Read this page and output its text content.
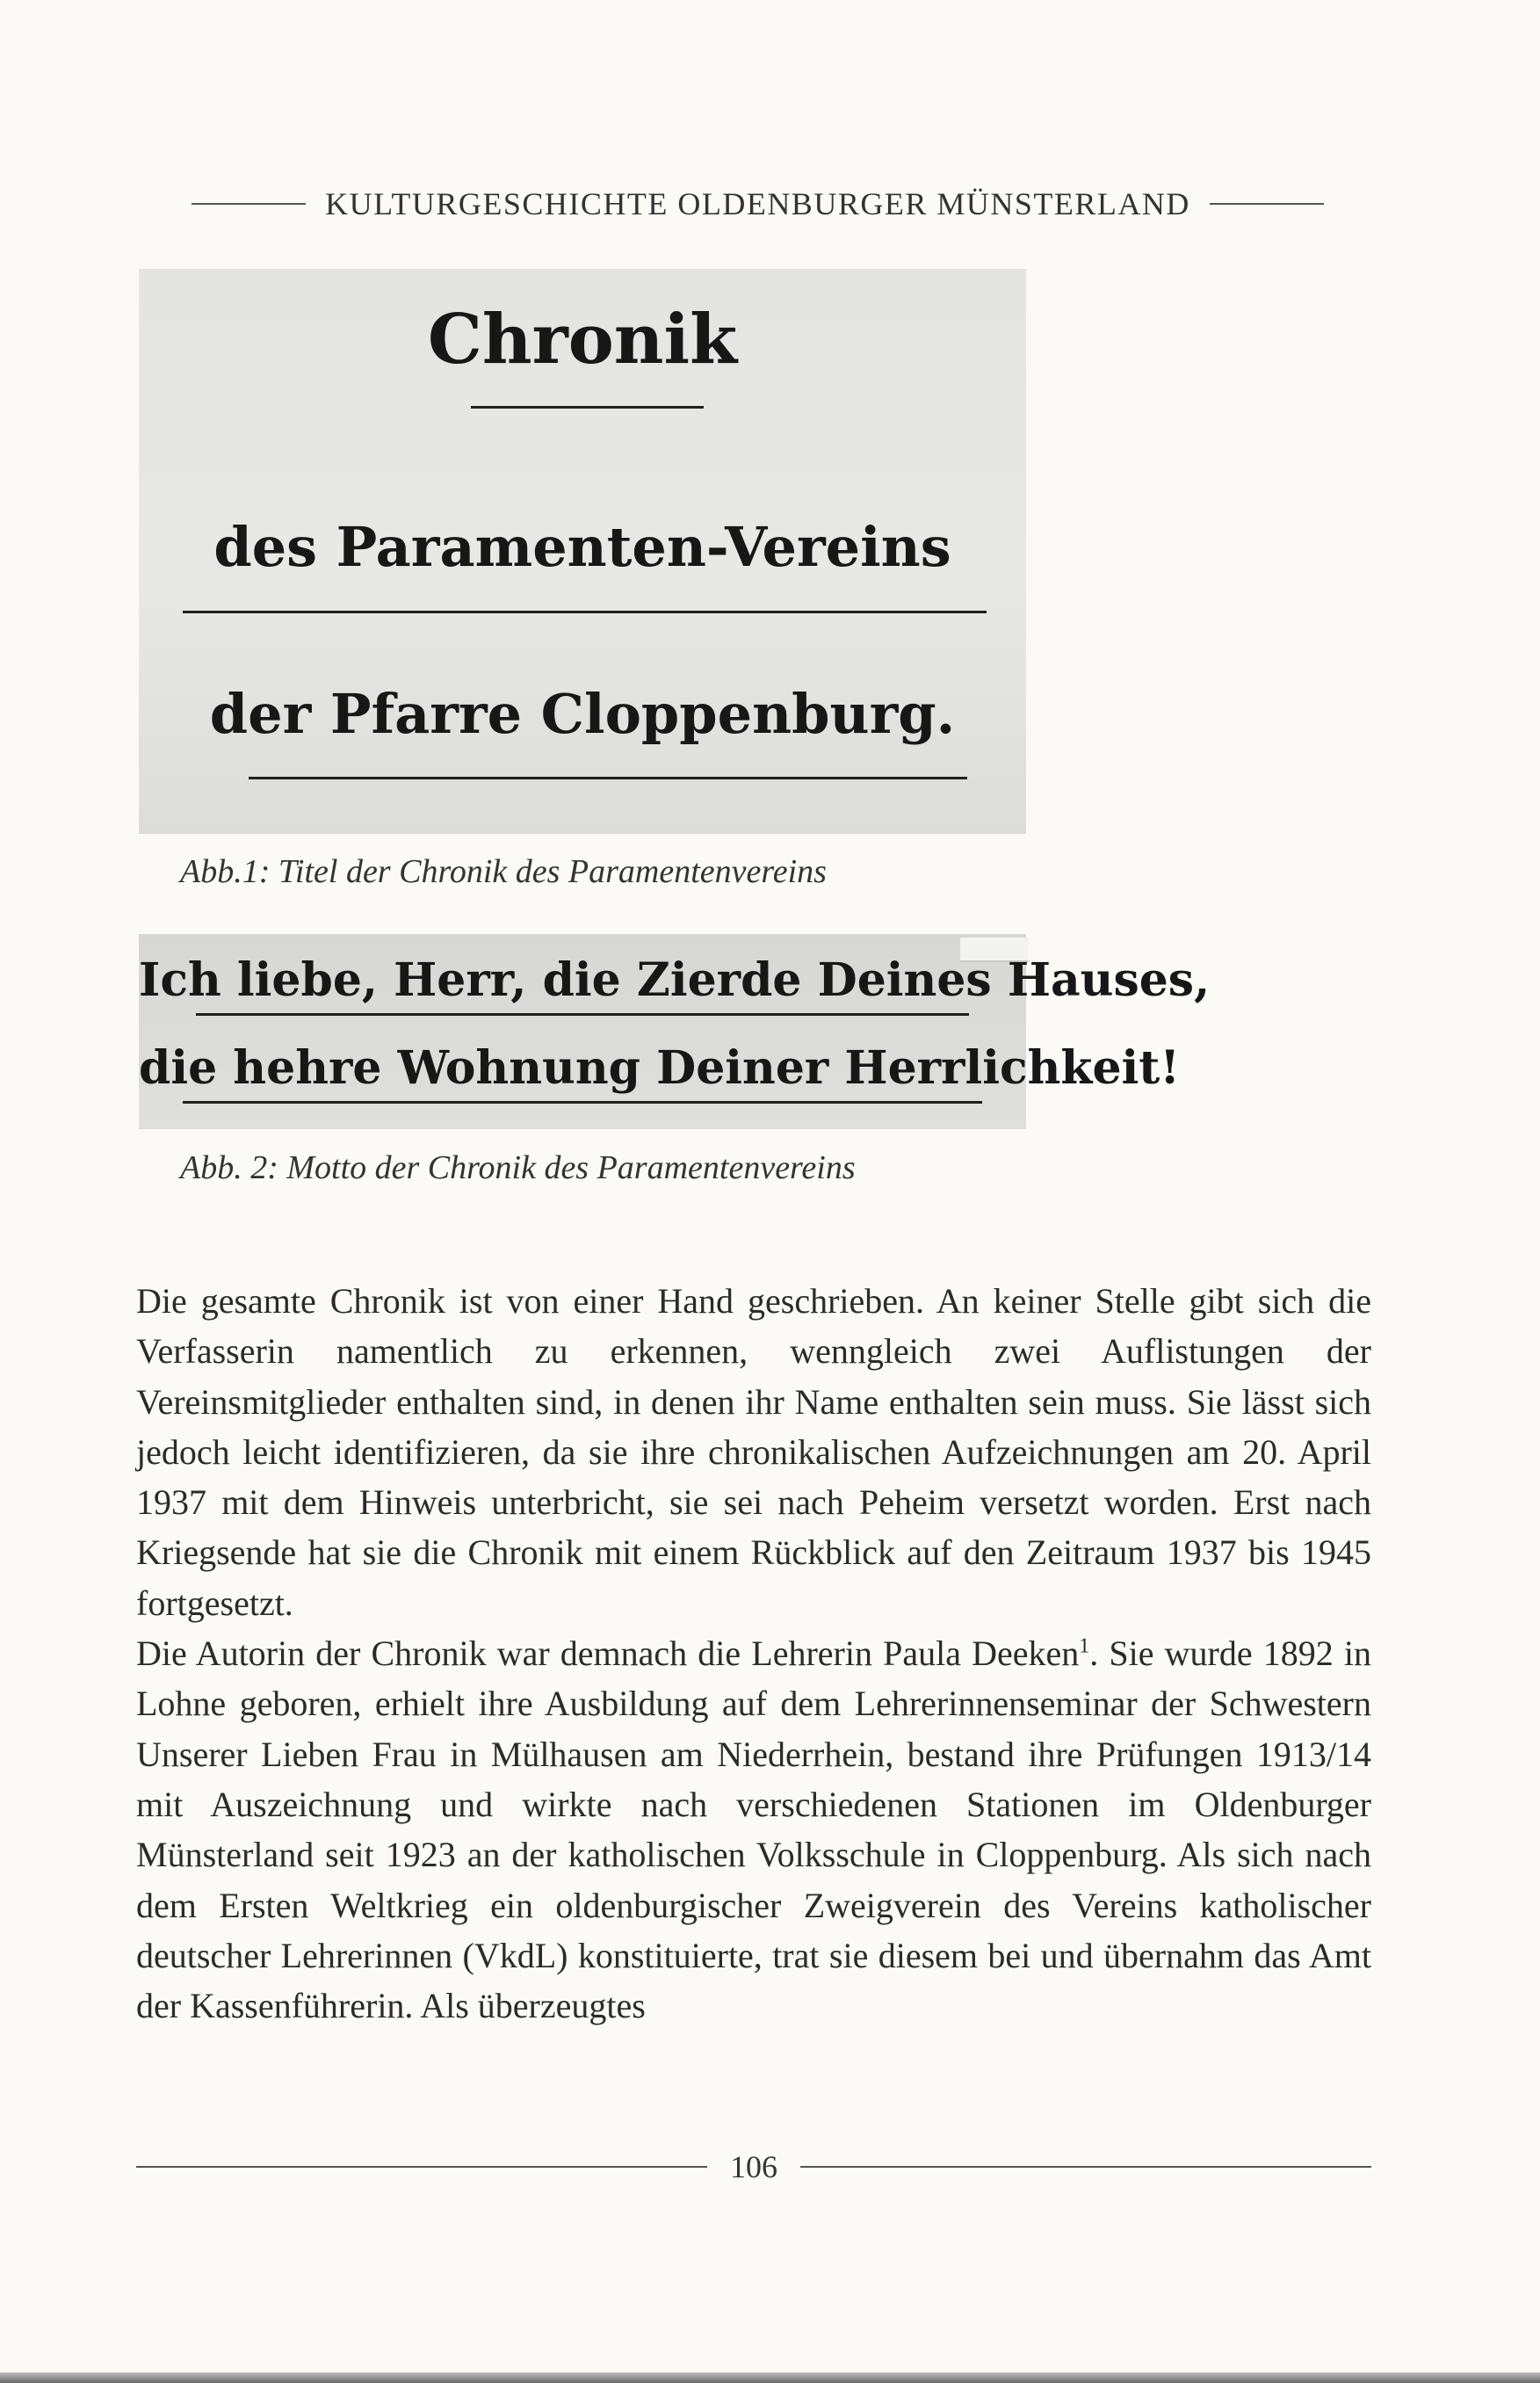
KULTURGESCHICHTE OLDENBURGER MÜNSTERLAND
Chronik
des Paramenten-Vereins
der Pfarre Cloppenburg.
Abb.1: Titel der Chronik des Paramentenvereins
Ich liebe, Herr, die Zierde Deines Hauses,
die hehre Wohnung Deiner Herrlichkeit!
Abb. 2: Motto der Chronik des Paramentenvereins

Die gesamte Chronik ist von einer Hand geschrieben. An keiner Stelle gibt sich die Verfasserin namentlich zu erkennen, wenngleich zwei Auflistungen der Vereinsmitglieder enthalten sind, in denen ihr Name enthalten sein muss. Sie lässt sich jedoch leicht identifizieren, da sie ihre chronikalischen Aufzeichnungen am 20. April 1937 mit dem Hinweis unterbricht, sie sei nach Peheim versetzt worden. Erst nach Kriegsende hat sie die Chronik mit einem Rückblick auf den Zeitraum 1937 bis 1945 fortgesetzt.

Die Autorin der Chronik war demnach die Lehrerin Paula Deeken$^1$. Sie wurde 1892 in Lohne geboren, erhielt ihre Ausbildung auf dem Lehrerinnenseminar der Schwestern Unserer Lieben Frau in Mülhausen am Niederrhein, bestand ihre Prüfungen 1913/14 mit Auszeichnung und wirkte nach verschiedenen Stationen im Oldenburger Münsterland seit 1923 an der katholischen Volksschule in Cloppenburg. Als sich nach dem Ersten Weltkrieg ein oldenburgischer Zweigverein des Vereins katholischer deutscher Lehrerinnen (VkdL) konstituierte, trat sie diesem bei und übernahm das Amt der Kassenführerin. Als überzeugtes

106
